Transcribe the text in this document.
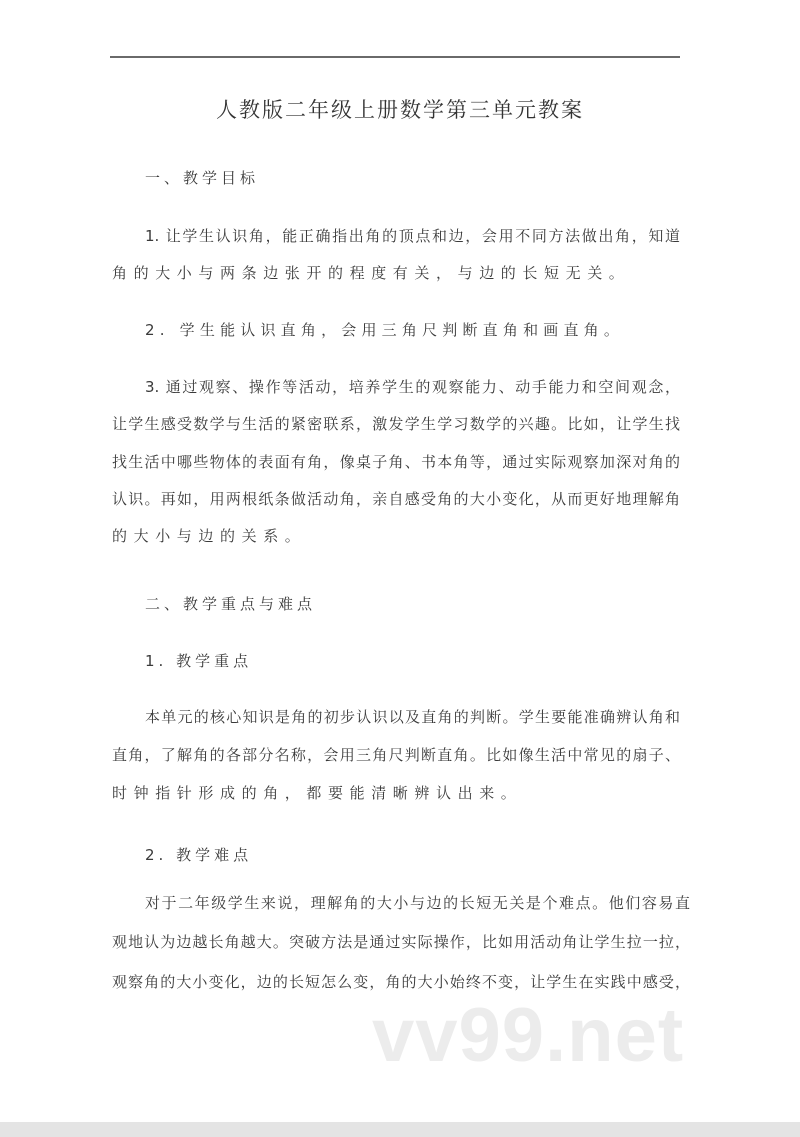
人教版二年级上册数学第三单元教案
一、教学目标
1. 让学生认识角，能正确指出角的顶点和边，会用不同方法做出角，知道
角的大小与两条边张开的程度有关，与边的长短无关。
2. 学生能认识直角，会用三角尺判断直角和画直角。
3. 通过观察、操作等活动，培养学生的观察能力、动手能力和空间观念，
让学生感受数学与生活的紧密联系，激发学生学习数学的兴趣。比如，让学生找
找生活中哪些物体的表面有角，像桌子角、书本角等，通过实际观察加深对角的
认识。再如，用两根纸条做活动角，亲自感受角的大小变化，从而更好地理解角
的大小与边的关系。
二、教学重点与难点
1. 教学重点
本单元的核心知识是角的初步认识以及直角的判断。学生要能准确辨认角和
直角，了解角的各部分名称，会用三角尺判断直角。比如像生活中常见的扇子、
时钟指针形成的角，都要能清晰辨认出来。
2. 教学难点
对于二年级学生来说，理解角的大小与边的长短无关是个难点。他们容易直
观地认为边越长角越大。突破方法是通过实际操作，比如用活动角让学生拉一拉，
观察角的大小变化，边的长短怎么变，角的大小始终不变，让学生在实践中感受，
vv99.net
